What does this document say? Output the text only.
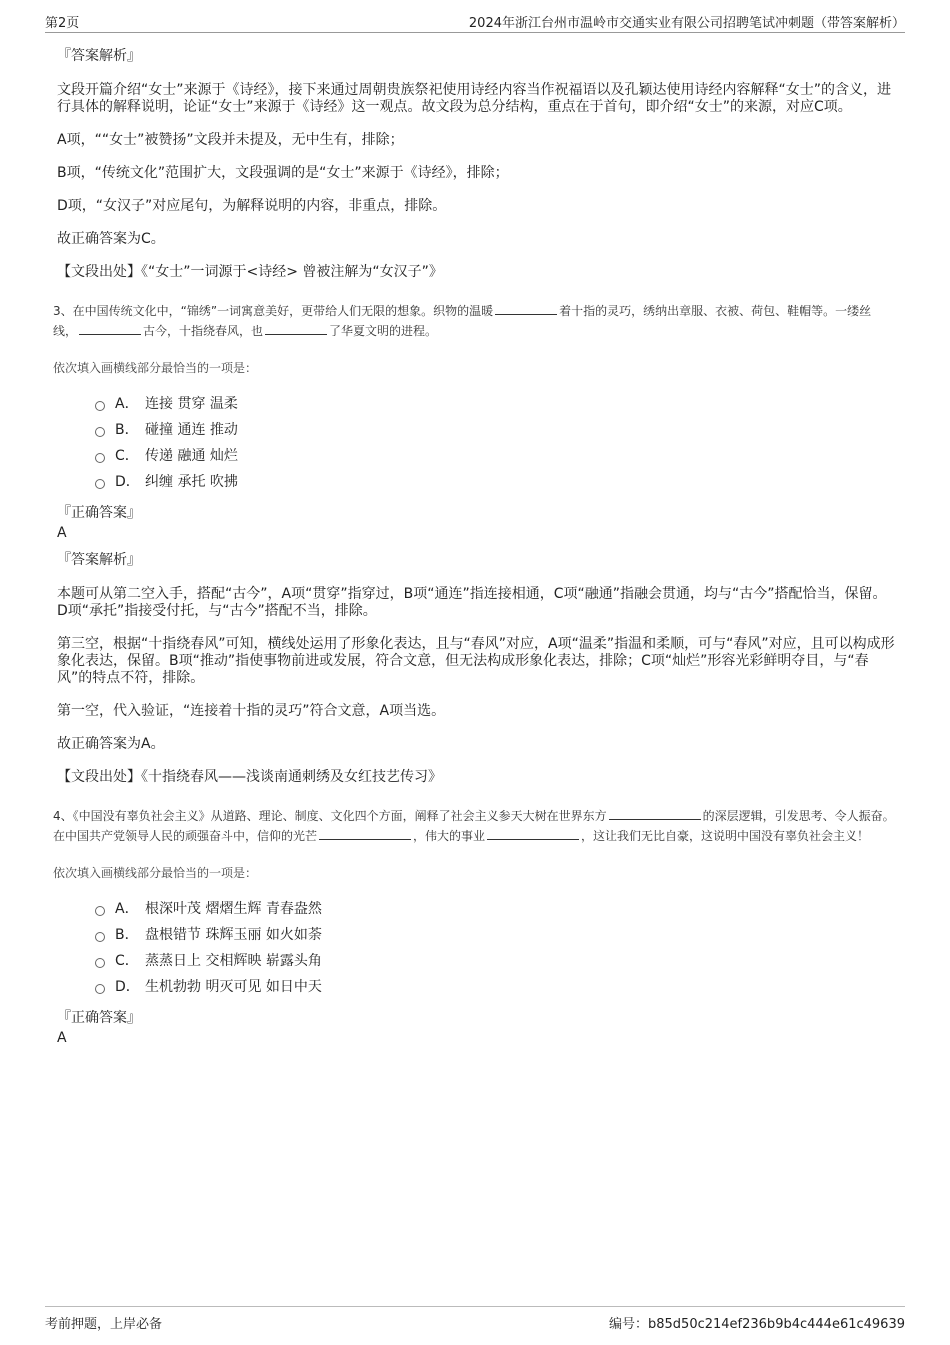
第2页	2024年浙江台州市温岭市交通实业有限公司招聘笔试冲刺题（带答案解析）
『答案解析』

文段开篇介绍“女士”来源于《诗经》，接下来通过周朝贵族祭祀使用诗经内容当作祝福语以及孔颖达使用诗经内容解释“女士”的含义，进行具体的解释说明，论证“女士”来源于《诗经》这一观点。故文段为总分结构，重点在于首句，即介绍“女士”的来源，对应C项。

A项，““女士”被赞扬”文段并未提及，无中生有，排除；

B项，“传统文化”范围扩大，文段强调的是“女士”来源于《诗经》，排除；

D项，“女汉子”对应尾句，为解释说明的内容，非重点，排除。

故正确答案为C。

【文段出处】《“女士”一词源于<诗经> 曾被注解为“女汉子”》

3、在中国传统文化中，“锦绣”一词寓意美好，更带给人们无限的想象。织物的温暖	着十指的灵巧，绣纳出章服、衣被、荷包、鞋帽等。一缕丝线，	古今，十指绕春风，也	了华夏文明的进程。
依次填入画横线部分最恰当的一项是：
A． 连接 贯穿 温柔
B． 碰撞 通连 推动
C． 传递 融通 灿烂
D． 纠缠 承托 吹拂
『正确答案』
A
『答案解析』

本题可从第二空入手，搭配“古今”，A项“贯穿”指穿过，B项“通连”指连接相通，C项“融通”指融会贯通，均与“古今”搭配恰当，保留。D项“承托”指接受付托，与“古今”搭配不当，排除。

第三空，根据“十指绕春风”可知，横线处运用了形象化表达，且与“春风”对应，A项“温柔”指温和柔顺，可与“春风”对应，且可以构成形象化表达，保留。B项“推动”指使事物前进或发展，符合文意，但无法构成形象化表达，排除；C项“灿烂”形容光彩鲜明夺目，与“春风”的特点不符，排除。

第一空，代入验证，“连接着十指的灵巧”符合文意，A项当选。

故正确答案为A。

【文段出处】《十指绕春风——浅谈南通刺绣及女红技艺传习》

4、《中国没有辜负社会主义》从道路、理论、制度、文化四个方面，阐释了社会主义参天大树在世界东方	的深层逻辑，引发思考、令人振奋。在中国共产党领导人民的顽强奋斗中，信仰的光芒	，伟大的事业	，这让我们无比自豪，这说明中国没有辜负社会主义！
依次填入画横线部分最恰当的一项是：
A． 根深叶茂 熠熠生辉 青春盎然
B． 盘根错节 珠辉玉丽 如火如荼
C． 蒸蒸日上 交相辉映 崭露头角
D． 生机勃勃 明灭可见 如日中天
『正确答案』
A
考前押题，上岸必备	编号：b85d50c214ef236b9b4c444e61c49639
